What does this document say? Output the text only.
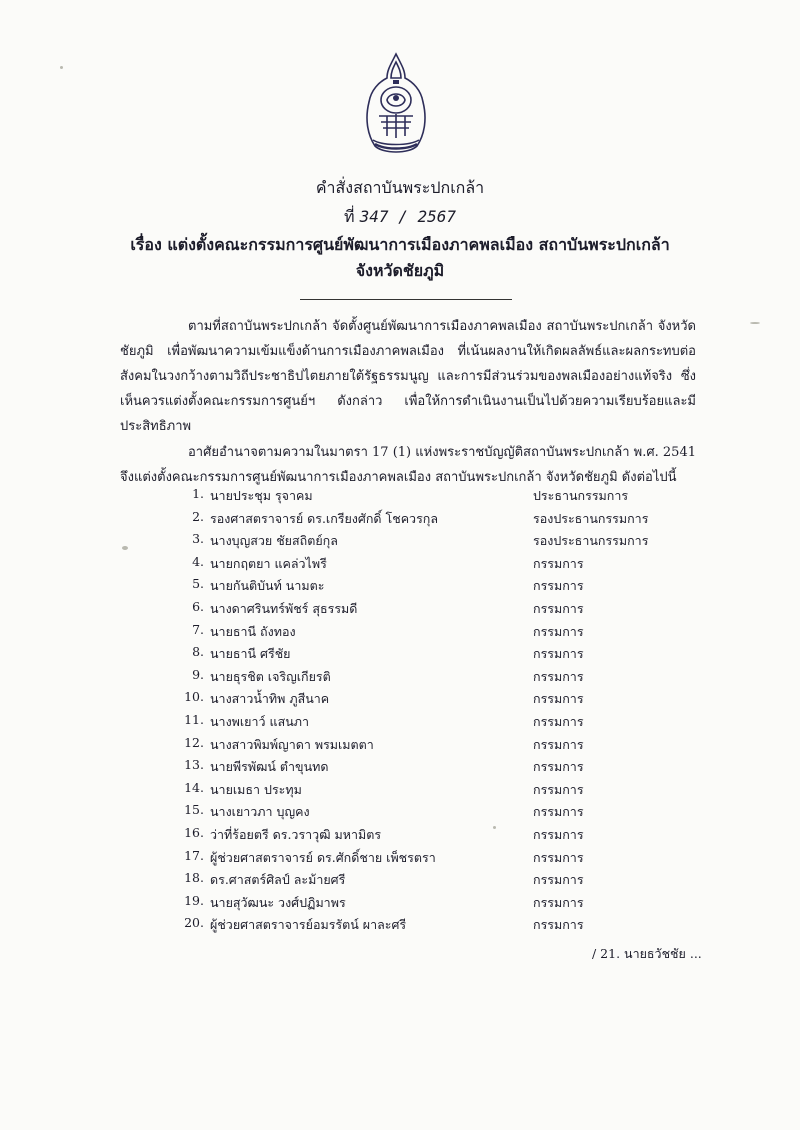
คำสั่งสถาบันพระปกเกล้า
ที่ 347 / 2567
เรื่อง แต่งตั้งคณะกรรมการศูนย์พัฒนาการเมืองภาคพลเมือง สถาบันพระปกเกล้า
จังหวัดชัยภูมิ
ตามที่สถาบันพระปกเกล้า จัดตั้งศูนย์พัฒนาการเมืองภาคพลเมือง สถาบันพระปกเกล้า จังหวัดชัยภูมิ เพื่อพัฒนาความเข้มแข็งด้านการเมืองภาคพลเมือง ที่เน้นผลงานให้เกิดผลลัพธ์และผลกระทบต่อสังคมในวงกว้างตามวิถีประชาธิปไตยภายใต้รัฐธรรมนูญ และการมีส่วนร่วมของพลเมืองอย่างแท้จริง ซึ่งเห็นควรแต่งตั้งคณะกรรมการศูนย์ฯ ดังกล่าว เพื่อให้การดำเนินงานเป็นไปด้วยความเรียบร้อยและมีประสิทธิภาพ
อาศัยอำนาจตามความในมาตรา 17 (1) แห่งพระราชบัญญัติสถาบันพระปกเกล้า พ.ศ. 2541 จึงแต่งตั้งคณะกรรมการศูนย์พัฒนาการเมืองภาคพลเมือง สถาบันพระปกเกล้า จังหวัดชัยภูมิ ดังต่อไปนี้
1. นายประชุม รุจาคม	ประธานกรรมการ
2. รองศาสตราจารย์ ดร.เกรียงศักดิ์ โชควรกุล	รองประธานกรรมการ
3. นางบุญสวย ชัยสถิตย์กุล	รองประธานกรรมการ
4. นายกฤตยา แคล่วไพรี	กรรมการ
5. นายกันติบันท์ นามตะ	กรรมการ
6. นางดาศรินทร์พัชร์ สุธรรมดี	กรรมการ
7. นายธานี ถังทอง	กรรมการ
8. นายธานี ศรีชัย	กรรมการ
9. นายธุรชิต เจริญเกียรติ	กรรมการ
10. นางสาวน้ำทิพ ภูสีนาค	กรรมการ
11. นางพเยาว์ แสนภา	กรรมการ
12. นางสาวพิมพ์ญาดา พรมเมตตา	กรรมการ
13. นายพีรพัฒน์ ตำขุนทด	กรรมการ
14. นายเมธา ประทุม	กรรมการ
15. นางเยาวภา บุญคง	กรรมการ
16. ว่าที่ร้อยตรี ดร.วราวุฒิ มหามิตร	กรรมการ
17. ผู้ช่วยศาสตราจารย์ ดร.ศักดิ์ชาย เพ็ชรตรา	กรรมการ
18. ดร.ศาสตร์ศิลป์ ละม้ายศรี	กรรมการ
19. นายสุวัฒนะ วงศ์ปฏิมาพร	กรรมการ
20. ผู้ช่วยศาสตราจารย์อมรรัตน์ ผาละศรี	กรรมการ
/ 21. นายธวัชชัย ...
